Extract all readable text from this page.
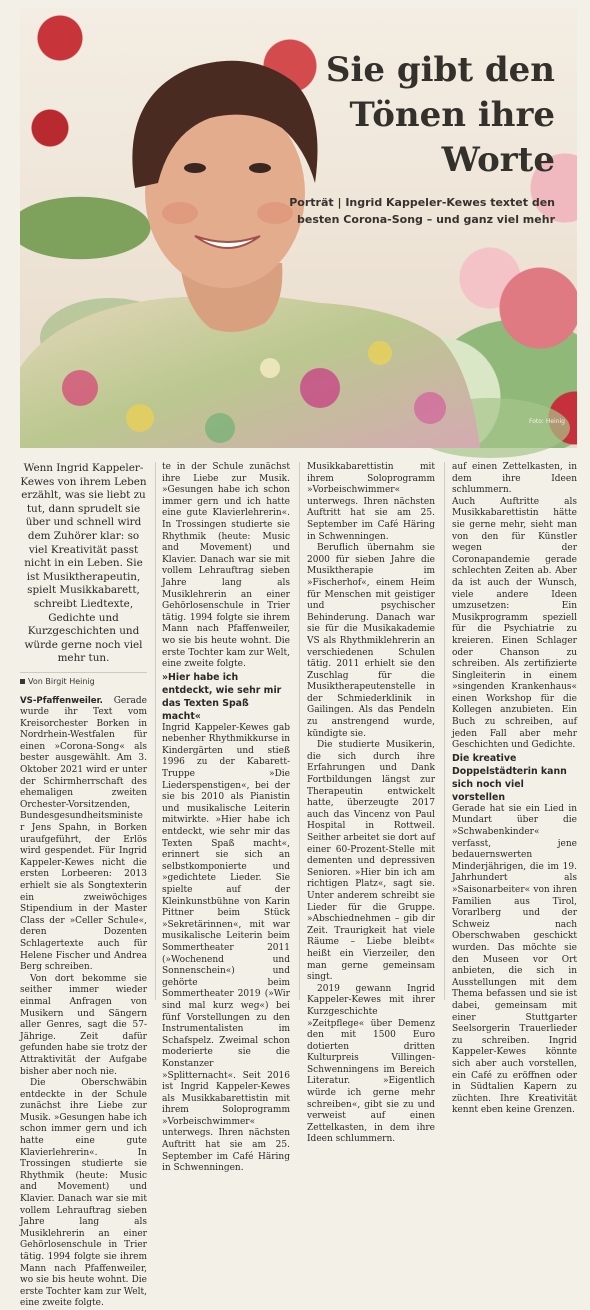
Sie gibt den Tönen ihre Worte

Porträt | Ingrid Kappeler-Kewes textet den besten Corona-Song – und ganz viel mehr

Foto: Heinig

Wenn Ingrid Kappeler-Kewes von ihrem Leben erzählt, was sie liebt zu tut, dann sprudelt sie über und schnell wird dem Zuhörer klar: so viel Kreativität passt nicht in ein Leben. Sie ist Musiktherapeutin, spielt Musikkabarett, schreibt Liedtexte, Gedichte und Kurzgeschichten und würde gerne noch viel mehr tun.

Von Birgit Heinig

VS-Pfaffenweiler. Gerade wurde ihr Text vom Kreisorchester Borken in Nordrhein-Westfalen für einen »Corona-Song« als bester ausgewählt. Am 3. Oktober 2021 wird er unter der Schirmherrschaft des ehemaligen zweiten Orchester-Vorsitzenden, Bundesgesundheitsminister Jens Spahn, in Borken uraufgeführt, der Erlös wird gespendet. Für Ingrid Kappeler-Kewes nicht die ersten Lorbeeren: 2013 erhielt sie als Songtexterin ein zweiwöchiges Stipendium in der Master Class der »Celler Schule«, deren Dozenten Schlagertexte auch für Helene Fischer und Andrea Berg schreiben.

Von dort bekomme sie seither immer wieder einmal Anfragen von Musikern und Sängern aller Genres, sagt die 57-Jährige. Zeit dafür gefunden habe sie trotz der Attraktivität der Aufgabe bisher aber noch nie.

Die Oberschwäbin entdeckte in der Schule zunächst ihre Liebe zur Musik. »Gesungen habe ich schon immer gern und ich hatte eine gute Klavierlehrerin«. In Trossingen studierte sie Rhythmik (heute: Music and Movement) und Klavier. Danach war sie mit vollem Lehrauftrag sieben Jahre lang als Musiklehrerin an einer Gehörlosenschule in Trier tätig. 1994 folgte sie ihrem Mann nach Pfaffenweiler, wo sie bis heute wohnt. Die erste Tochter kam zur Welt, eine zweite folgte.

te in der Schule zunächst ihre Liebe zur Musik. »Gesungen habe ich schon immer gern und ich hatte eine gute Klavierlehrerin«. In Trossingen studierte sie Rhythmik (heute: Music and Movement) und Klavier. Danach war sie mit vollem Lehrauftrag sieben Jahre lang als Musiklehrerin an einer Gehörlosenschule in Trier tätig. 1994 folgte sie ihrem Mann nach Pfaffenweiler, wo sie bis heute wohnt. Die erste Tochter kam zur Welt, eine zweite folgte.

»Hier habe ich entdeckt, wie sehr mir das Texten Spaß macht«

Ingrid Kappeler-Kewes gab nebenher Rhythmikkurse in Kindergärten und stieß 1996 zu der Kabarett-Truppe »Die Liederspenstigen«, bei der sie bis 2010 als Pianistin und musikalische Leiterin mitwirkte. »Hier habe ich entdeckt, wie sehr mir das Texten Spaß macht«, erinnert sie sich an selbstkomponierte und »gedichtete Lieder. Sie spielte auf der Kleinkunstbühne von Karin Pittner beim Stück »Sekretärinnen«, mit war musikalische Leiterin beim Sommertheater 2011 (»Wochenend und Sonnenschein«) und gehörte beim Sommertheater 2019 (»Wir sind mal kurz weg«) bei fünf Vorstellungen zu den Instrumentalisten im Schafspelz. Zweimal schon moderierte sie die Konstanzer »Splitternacht«. Seit 2016 ist Ingrid Kappeler-Kewes als Musikkabarettistin mit ihrem Soloprogramm »Vorbeischwimmer« unterwegs. Ihren nächsten Auftritt hat sie am 25. September im Café Häring in Schwenningen.

Musikkabarettistin mit ihrem Soloprogramm »Vorbeischwimmer« unterwegs. Ihren nächsten Auftritt hat sie am 25. September im Café Häring in Schwenningen.

Beruflich übernahm sie 2000 für sieben Jahre die Musiktherapie im »Fischerhof«, einem Heim für Menschen mit geistiger und psychischer Behinderung. Danach war sie für die Musikakademie VS als Rhythmiklehrerin an verschiedenen Schulen tätig. 2011 erhielt sie den Zuschlag für die Musiktherapeutenstelle in der Schmiederklinik in Gailingen. Als das Pendeln zu anstrengend wurde, kündigte sie.

Die studierte Musikerin, die sich durch ihre Erfahrungen und Dank Fortbildungen längst zur Therapeutin entwickelt hatte, überzeugte 2017 auch das Vincenz von Paul Hospital in Rottweil. Seither arbeitet sie dort auf einer 60-Prozent-Stelle mit dementen und depressiven Senioren. »Hier bin ich am richtigen Platz«, sagt sie. Unter anderem schreibt sie Lieder für die Gruppe. »Abschiednehmen – gib dir Zeit. Traurigkeit hat viele Räume – Liebe bleibt« heißt ein Vierzeiler, den man gerne gemeinsam singt.

2019 gewann Ingrid Kappeler-Kewes mit ihrer Kurzgeschichte »Zeitpflege« über Demenz den mit 1500 Euro dotierten dritten Kulturpreis Villingen-Schwenningens im Bereich Literatur. »Eigentlich würde ich gerne mehr schreiben«, gibt sie zu und verweist auf einen Zettelkasten, in dem ihre Ideen schlummern.

auf einen Zettelkasten, in dem ihre Ideen schlummern.

Auch Auftritte als Musikkabarettistin hätte sie gerne mehr, sieht man von den für Künstler wegen der Coronapandemie gerade schlechten Zeiten ab. Aber da ist auch der Wunsch, viele andere Ideen umzusetzen: Ein Musikprogramm speziell für die Psychiatrie zu kreieren. Einen Schlager oder Chanson zu schreiben. Als zertifizierte Singleiterin in einem »singenden Krankenhaus« einen Workshop für die Kollegen anzubieten. Ein Buch zu schreiben, auf jeden Fall aber mehr Geschichten und Gedichte.

Die kreative Doppelstädterin kann sich noch viel vorstellen

Gerade hat sie ein Lied in Mundart über die »Schwabenkinder« verfasst, jene bedauernswerten Minderjährigen, die im 19. Jahrhundert als »Saisonarbeiter« von ihren Familien aus Tirol, Vorarlberg und der Schweiz nach Oberschwaben geschickt wurden. Das möchte sie den Museen vor Ort anbieten, die sich in Ausstellungen mit dem Thema befassen und sie ist dabei, gemeinsam mit einer Stuttgarter Seelsorgerin Trauerlieder zu schreiben. Ingrid Kappeler-Kewes könnte sich aber auch vorstellen, ein Café zu eröffnen oder in Südtalien Kapern zu züchten. Ihre Kreativität kennt eben keine Grenzen.
